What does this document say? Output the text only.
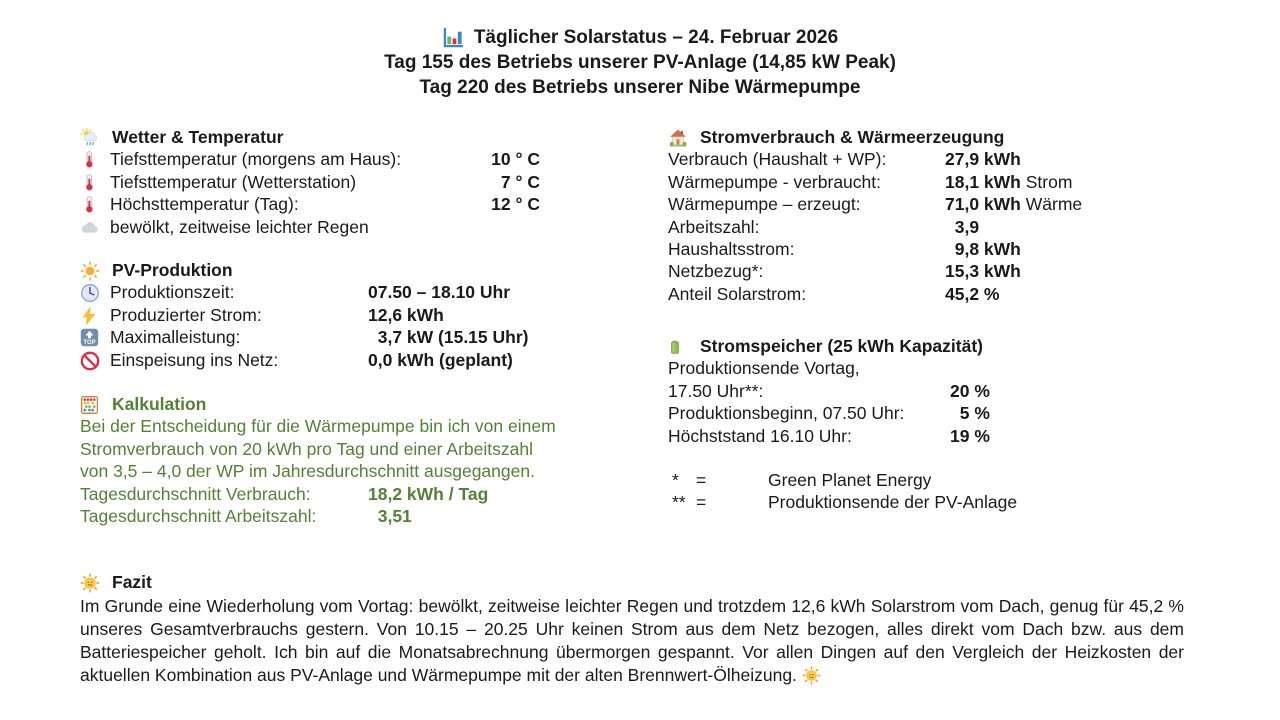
Täglicher Solarstatus – 24. Februar 2026
Tag 155 des Betriebs unserer PV-Anlage (14,85 kW Peak)
Tag 220 des Betriebs unserer Nibe Wärmepumpe
Wetter & Temperatur
Tiefsttemperatur (morgens am Haus):	10 ° C
Tiefsttemperatur (Wetterstation)	7 ° C
Höchsttemperatur (Tag):	12 ° C
bewölkt, zeitweise leichter Regen
PV-Produktion
Produktionszeit:	07.50 – 18.10 Uhr
Produzierter Strom:	12,6 kWh
TOP Maximalleistung:	3,7 kW (15.15 Uhr)
Einspeisung ins Netz:	0,0 kWh (geplant)
Kalkulation
Bei der Entscheidung für die Wärmepumpe bin ich von einem Stromverbrauch von 20 kWh pro Tag und einer Arbeitszahl von 3,5 – 4,0 der WP im Jahresdurchschnitt ausgegangen.
Tagesdurchschnitt Verbrauch:	18,2 kWh / Tag
Tagesdurchschnitt Arbeitszahl:	3,51
Stromverbrauch & Wärmeerzeugung
Verbrauch (Haushalt + WP):	27,9 kWh
Wärmepumpe - verbraucht:	18,1 kWh Strom
Wärmepumpe – erzeugt:	71,0 kWh Wärme
Arbeitszahl:	3,9
Haushaltsstrom:	9,8 kWh
Netzbezug*:	15,3 kWh
Anteil Solarstrom:	45,2 %
Stromspeicher (25 kWh Kapazität)
Produktionsende Vortag,
17.50 Uhr**:	20 %
Produktionsbeginn, 07.50 Uhr:	5 %
Höchststand 16.10 Uhr:	19 %
* =	Green Planet Energy
** =	Produktionsende der PV-Anlage
Fazit

Im Grunde eine Wiederholung vom Vortag: bewölkt, zeitweise leichter Regen und trotzdem 12,6 kWh Solarstrom vom Dach, genug für 45,2 % unseres Gesamtverbrauchs gestern. Von 10.15 – 20.25 Uhr keinen Strom aus dem Netz bezogen, alles direkt vom Dach bzw. aus dem Batteriespeicher geholt. Ich bin auf die Monatsabrechnung übermorgen gespannt. Vor allen Dingen auf den Vergleich der Heizkosten der aktuellen Kombination aus PV-Anlage und Wärmepumpe mit der alten Brennwert-Ölheizung.
